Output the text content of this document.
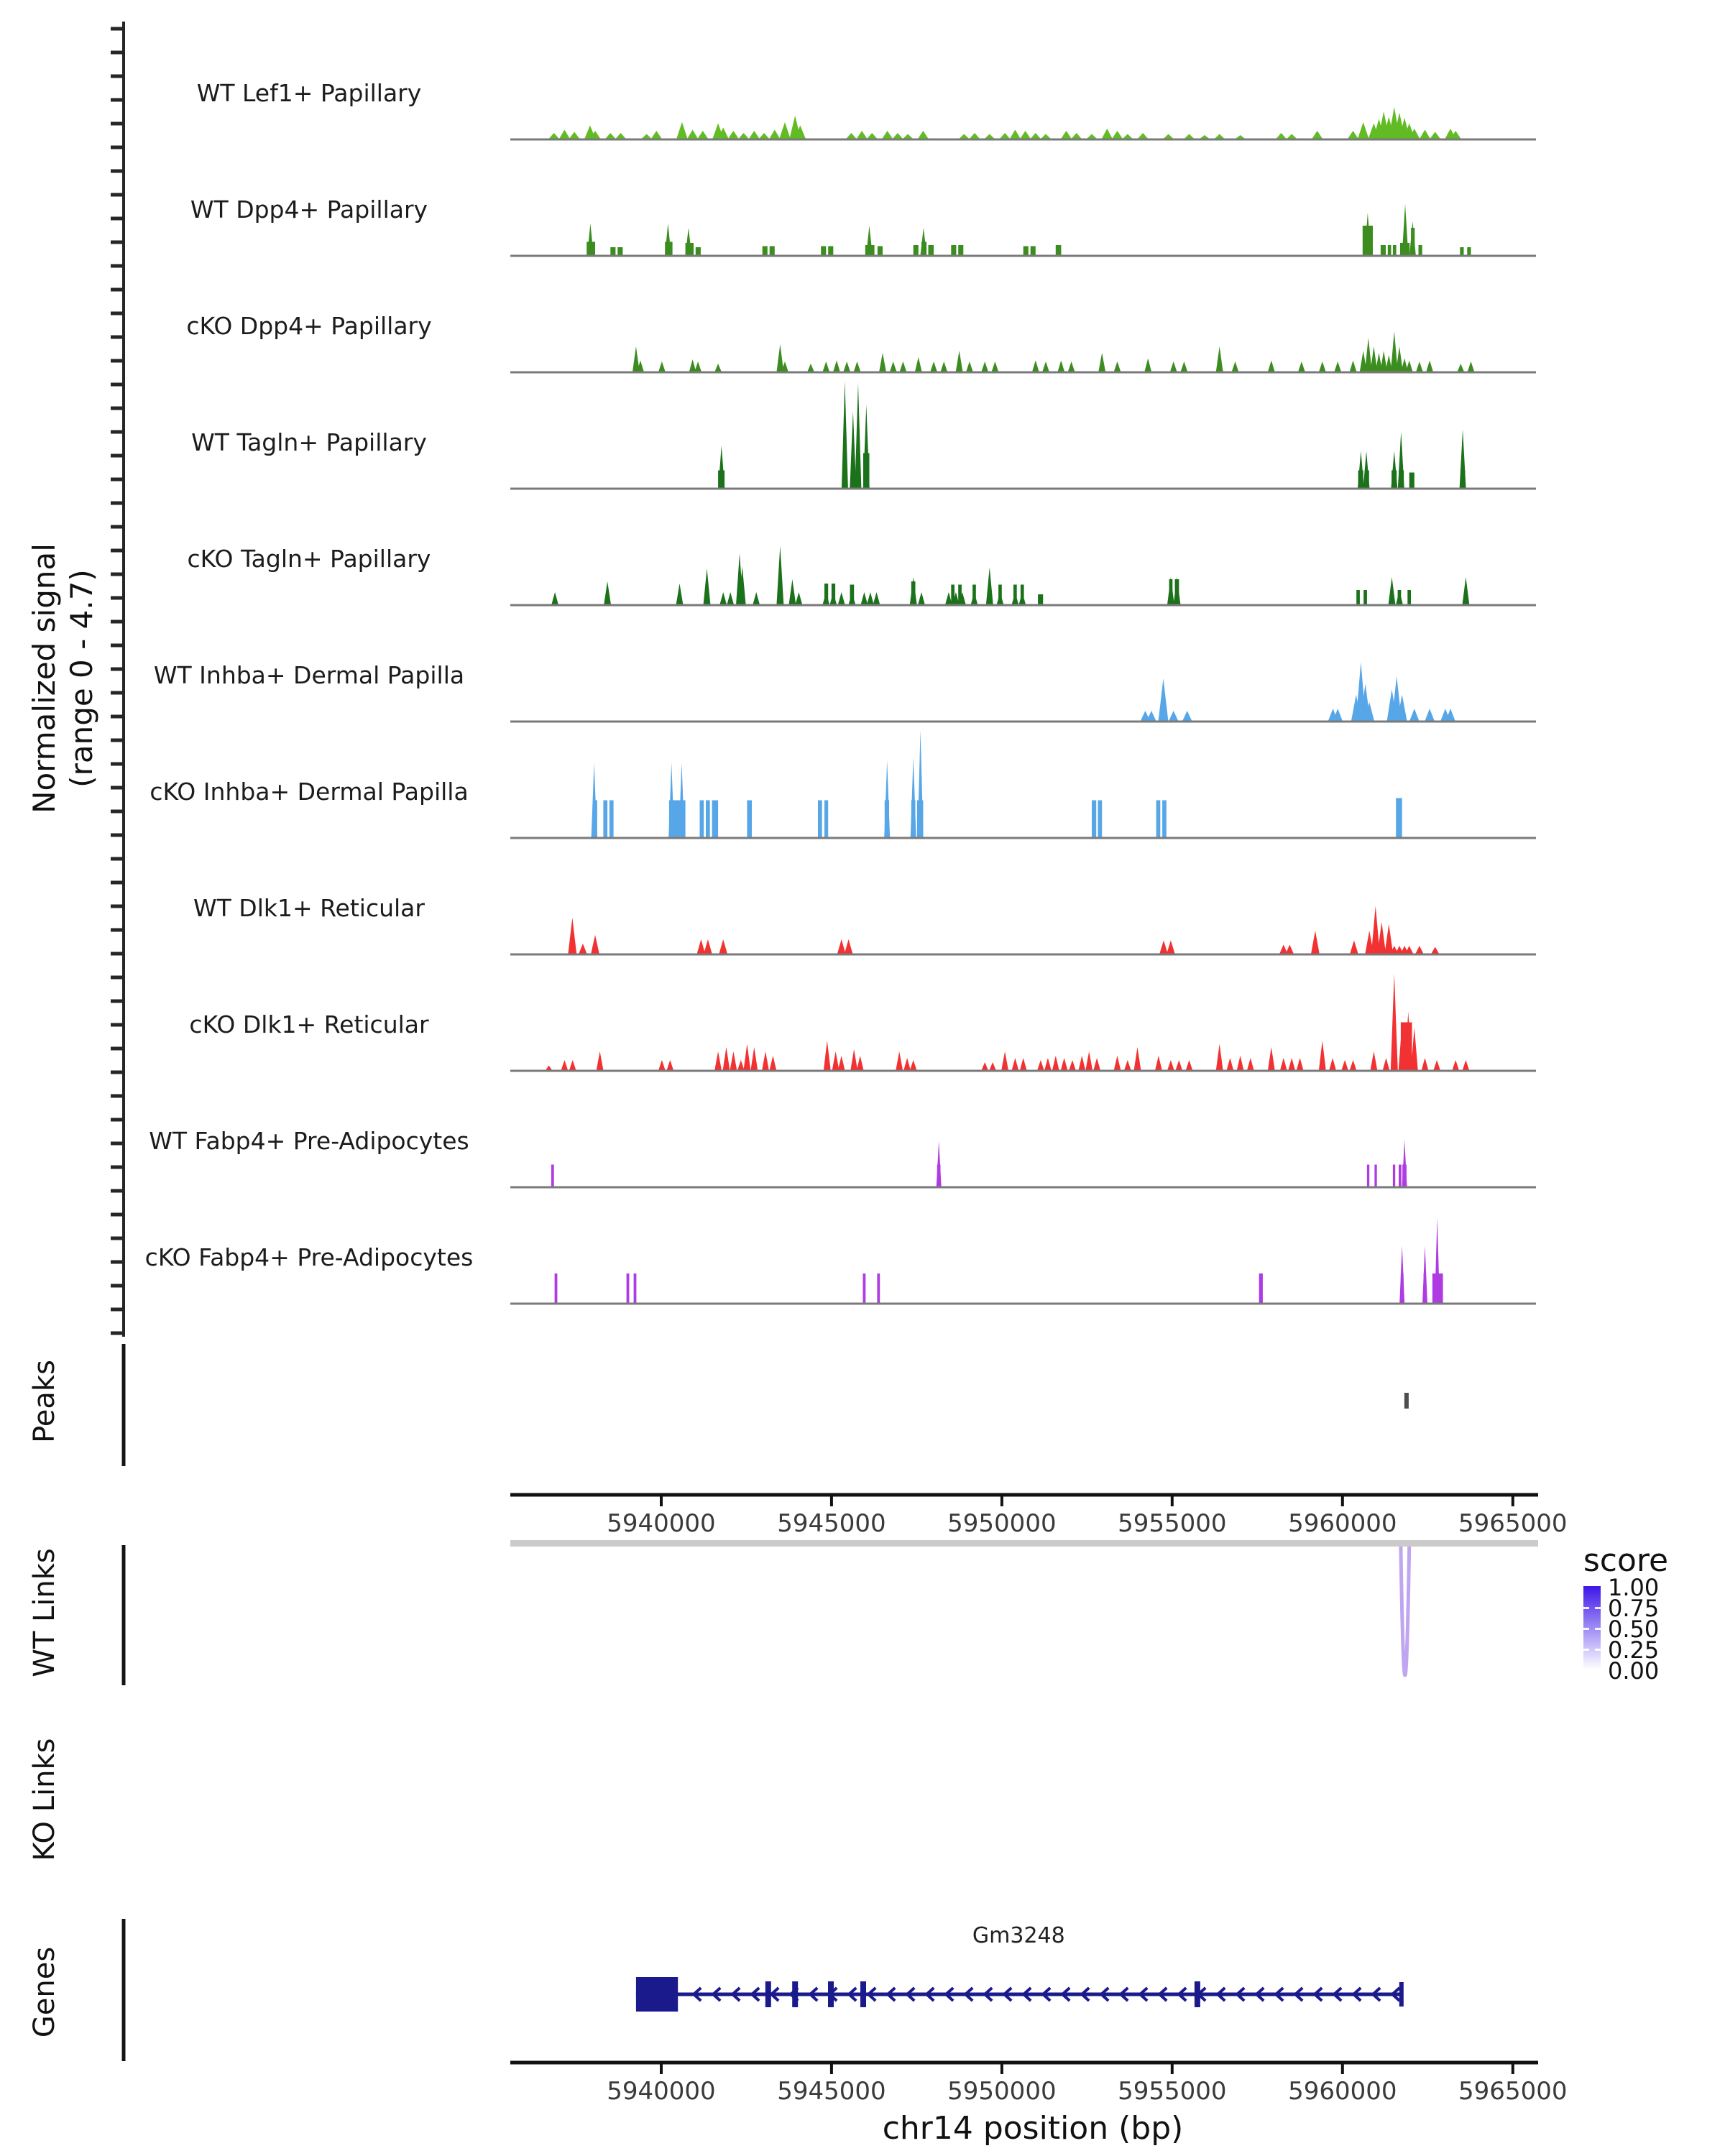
Normalized signal (range 0 - 4.7)
WT Lef1+ Papillary
WT Dpp4+ Papillary
cKO Dpp4+ Papillary
WT Tagln+ Papillary
cKO Tagln+ Papillary
WT Inhba+ Dermal Papilla
cKO Inhba+ Dermal Papilla
WT Dlk1+ Reticular
cKO Dlk1+ Reticular
WT Fabp4+ Pre-Adipocytes
cKO Fabp4+ Pre-Adipocytes
Peaks
WT Links
KO Links
Genes
Gm3248
chr14 position (bp)
score
1.00
0.75
0.50
0.25
0.00
5940000	5945000	5950000	5955000	5960000	5965000
5940000	5945000	5950000	5955000	5960000	5965000
